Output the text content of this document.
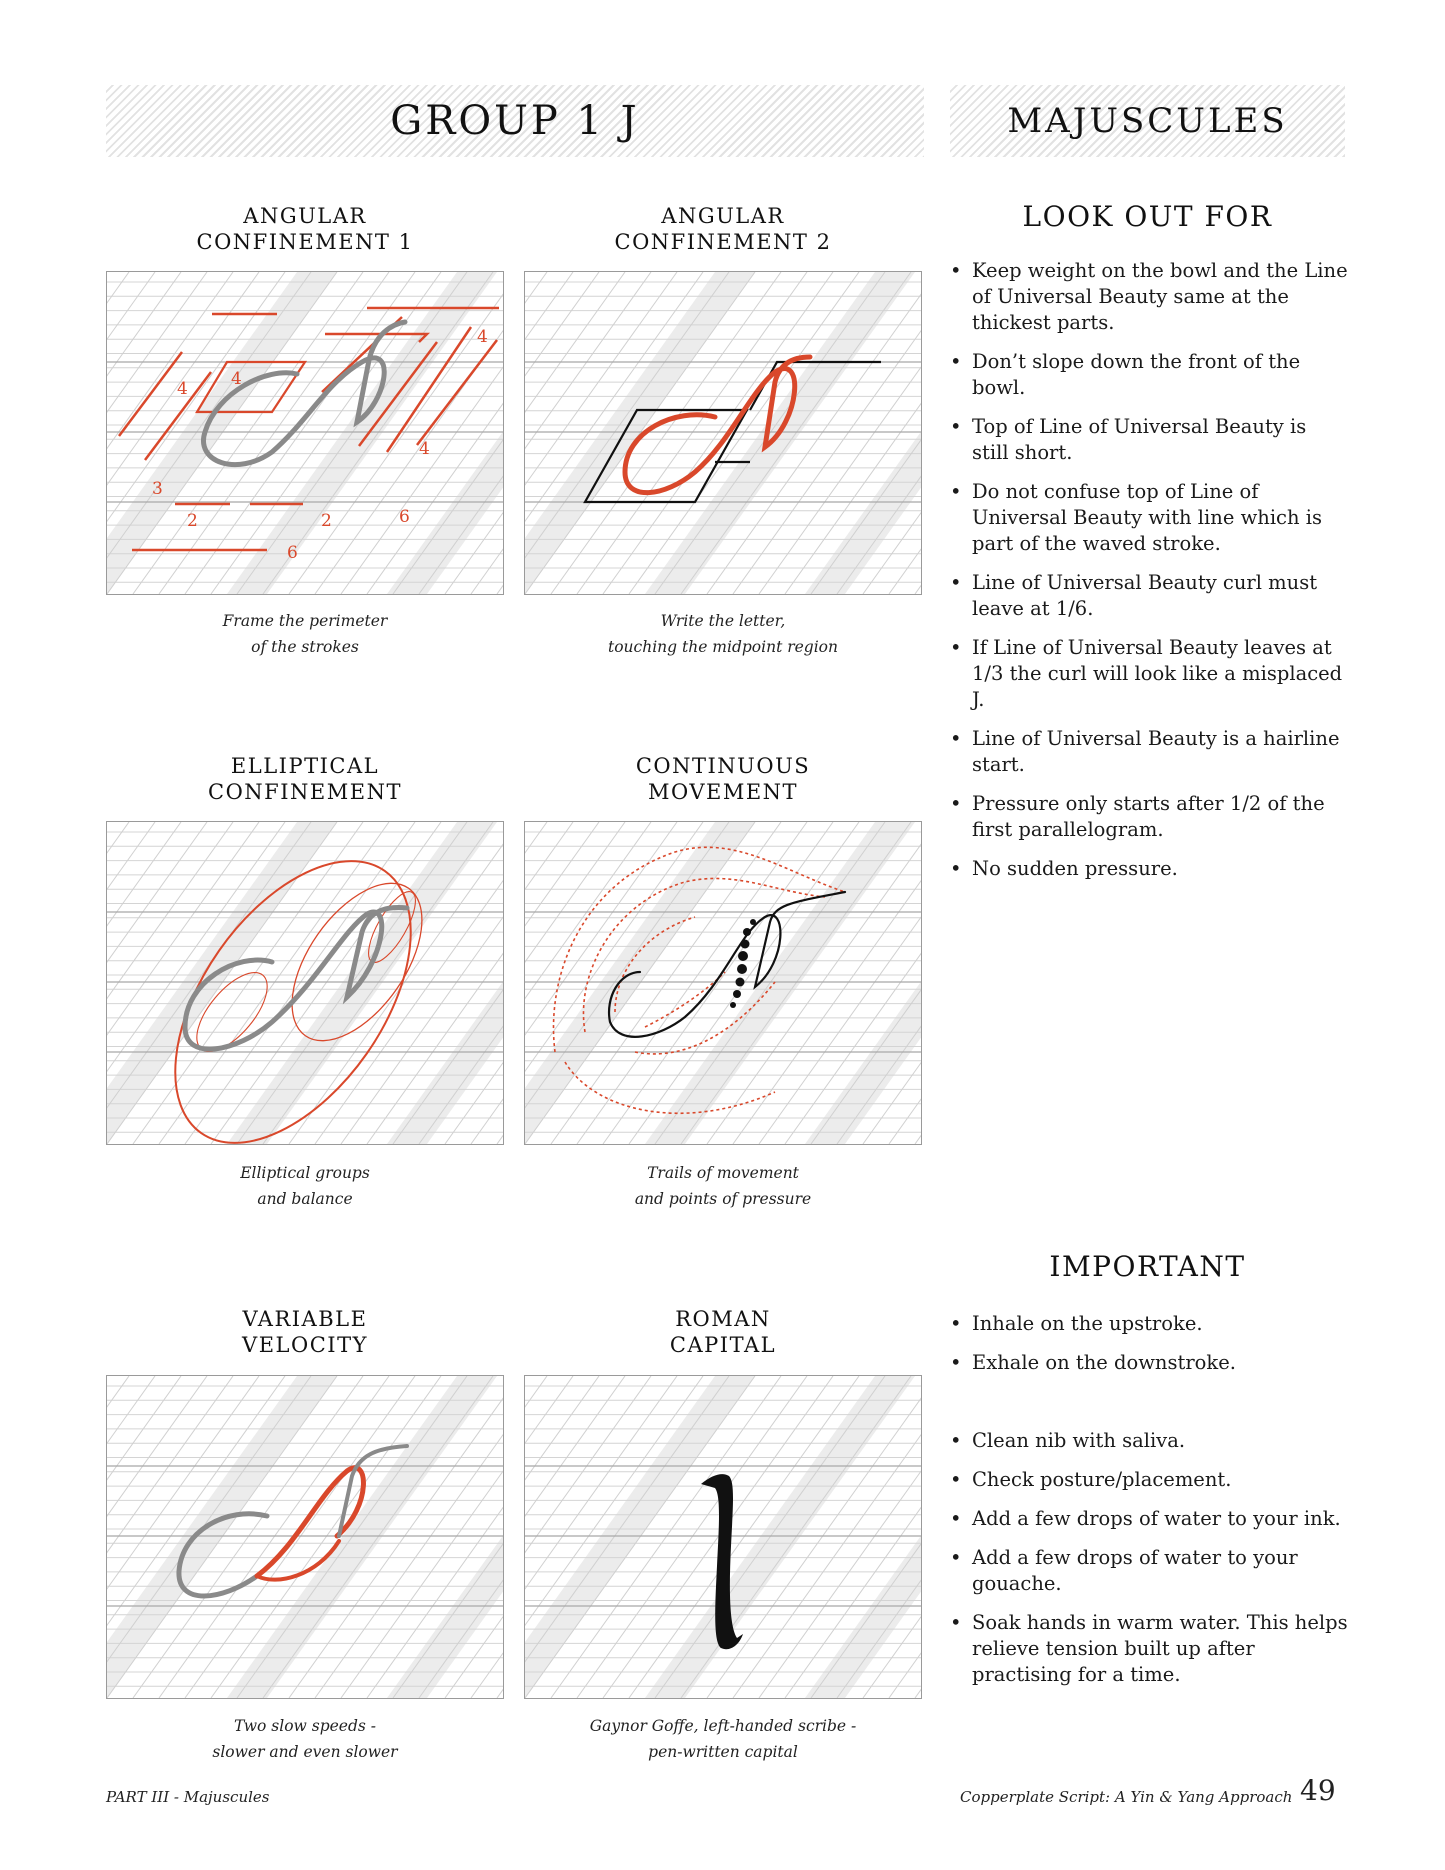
GROUP 1 J	MAJUSCULES
ANGULAR
CONFINEMENT 1
ANGULAR
CONFINEMENT 2
ELLIPTICAL
CONFINEMENT
CONTINUOUS
MOVEMENT
VARIABLE
VELOCITY
ROMAN
CAPITAL
4
4	4
4
3
2	2	6
6
Frame the perimeter
of the strokes
Write the letter,
touching the midpoint region
Elliptical groups
and balance
Trails of movement
and points of pressure
Two slow speeds -
slower and even slower
Gaynor Goffe, left-handed scribe -
pen-written capital
LOOK OUT FOR
• Keep weight on the bowl and the Line of Universal Beauty same at the thickest parts.
• Don’t slope down the front of the bowl.
• Top of Line of Universal Beauty is still short.
• Do not confuse top of Line of Universal Beauty with line which is part of the waved stroke.
• Line of Universal Beauty curl must leave at 1/6.
• If Line of Universal Beauty leaves at 1/3 the curl will look like a misplaced J.
• Line of Universal Beauty is a hairline start.
• Pressure only starts after 1/2 of the first parallelogram.
• No sudden pressure.
IMPORTANT
• Inhale on the upstroke.
• Exhale on the downstroke.
• Clean nib with saliva.
• Check posture/placement.
• Add a few drops of water to your ink.
• Add a few drops of water to your gouache.
• Soak hands in warm water. This helps relieve tension built up after practising for a time.
PART III - Majuscules	Copperplate Script: A Yin & Yang Approach 49
